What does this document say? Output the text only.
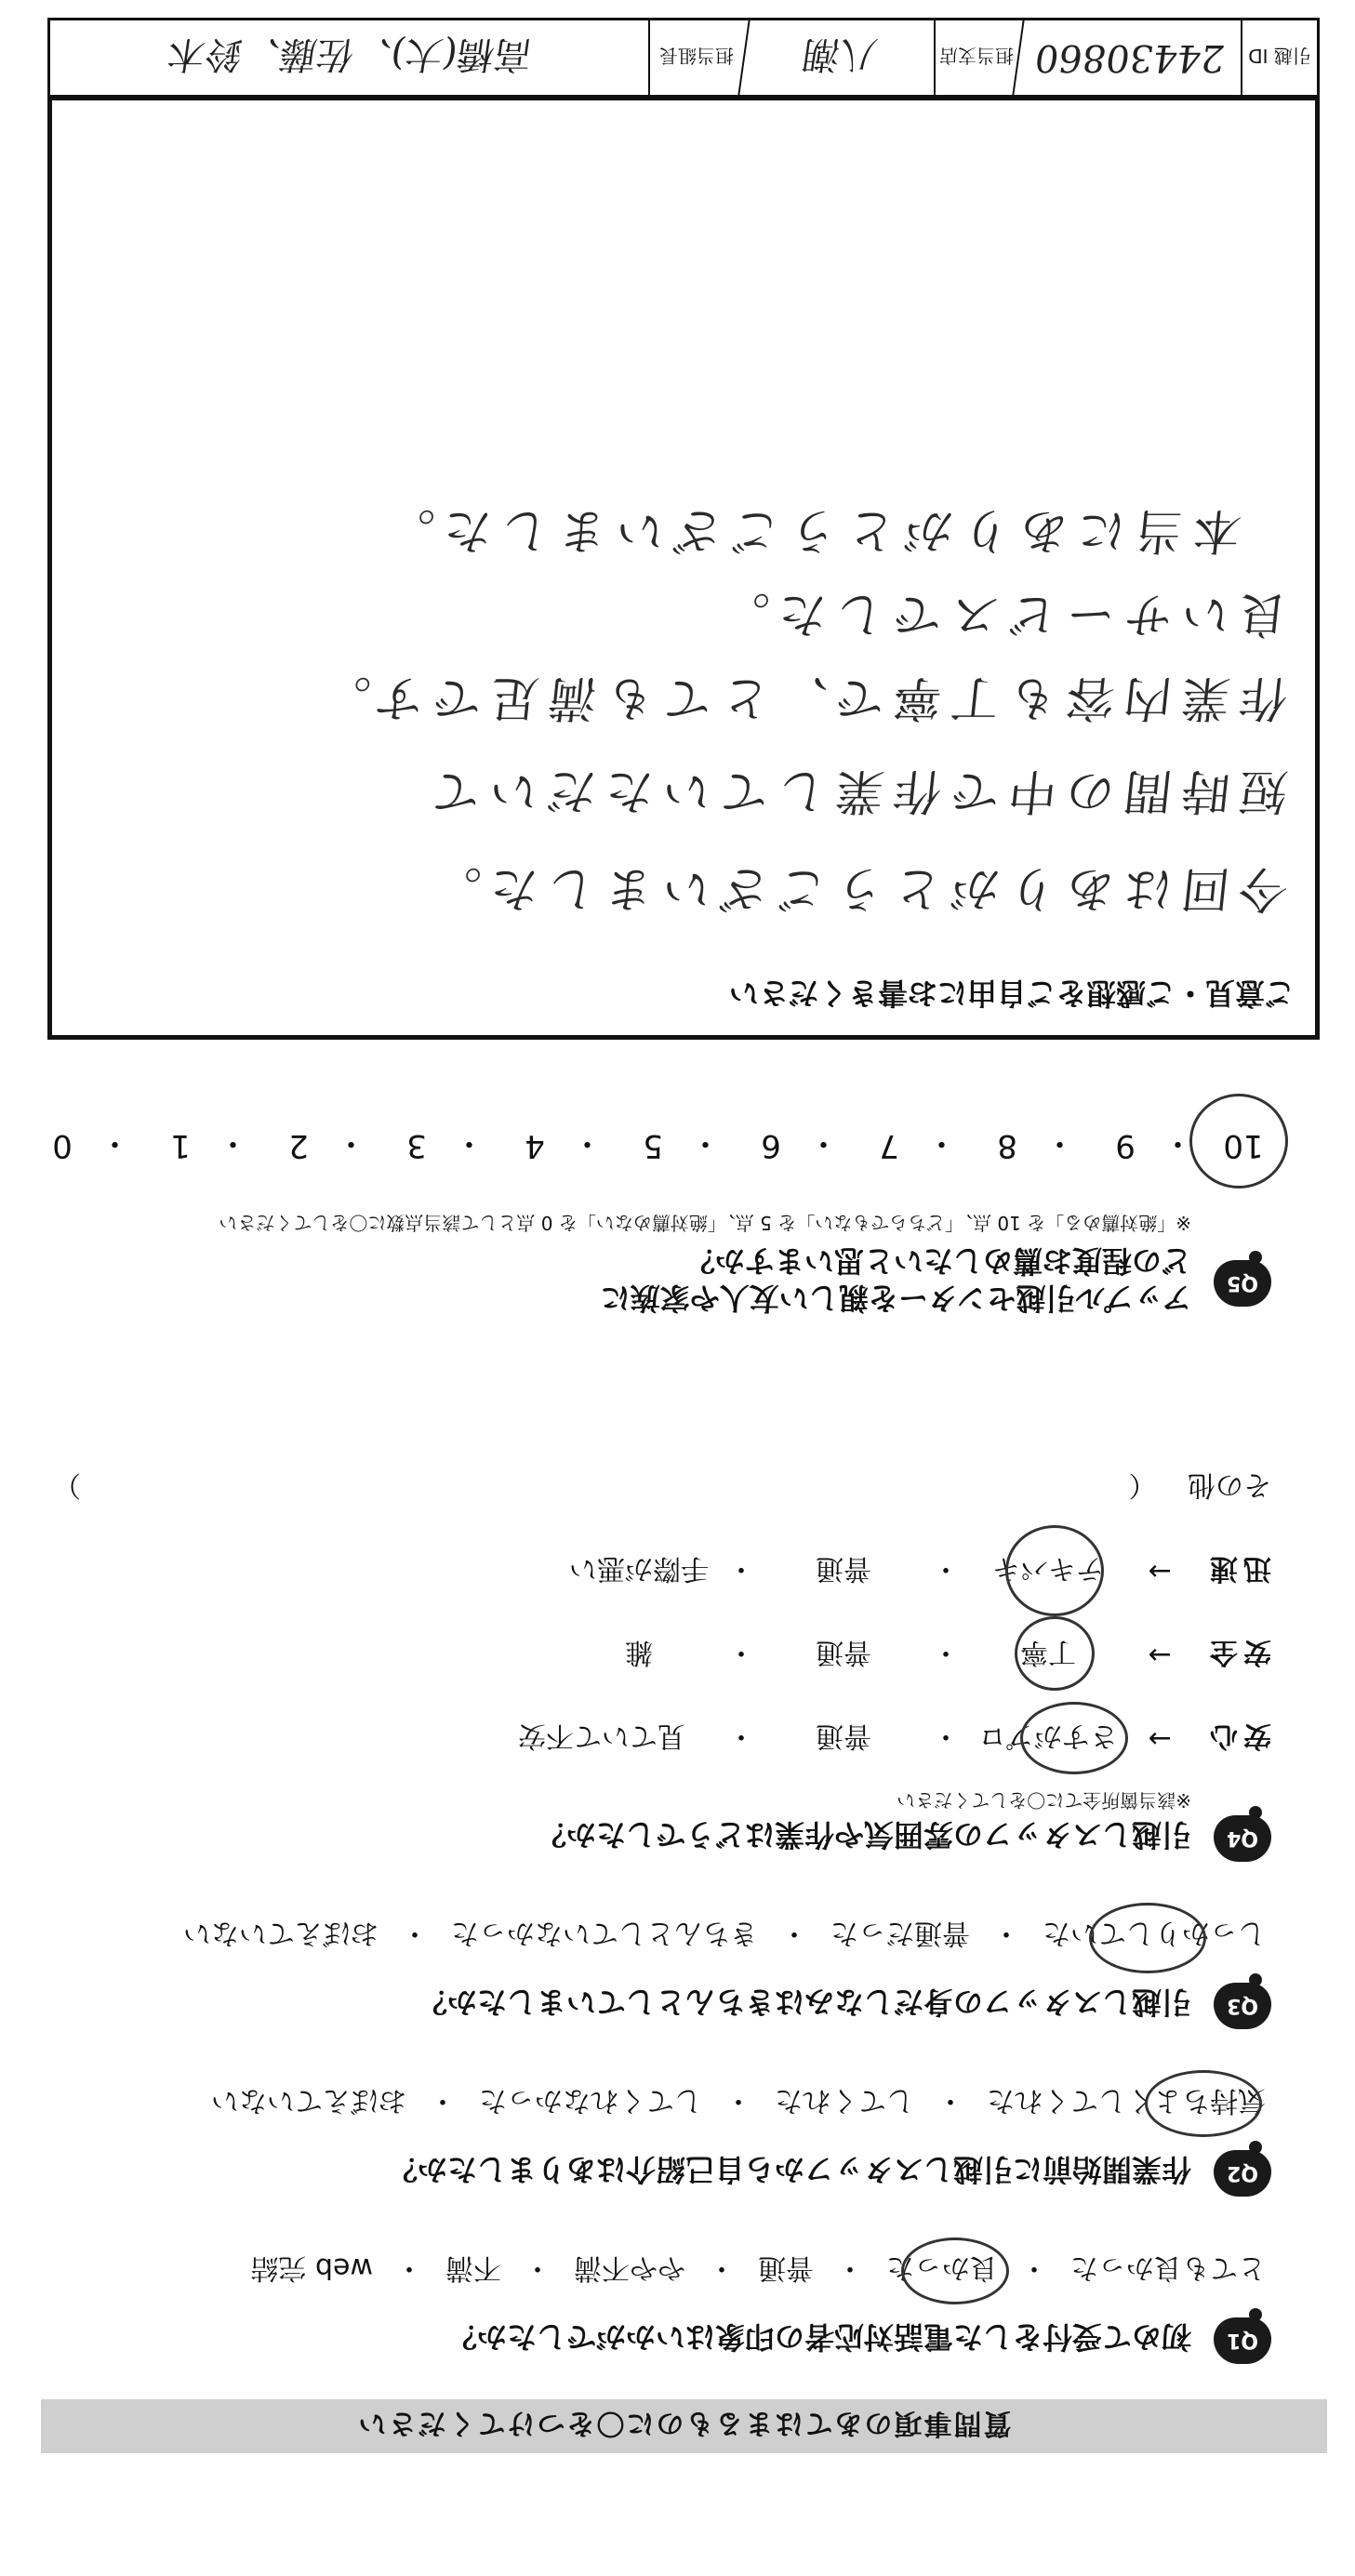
質問事項のあてはまるものに〇をつけてください
Q1
初めて受付をした電話対応者の印象はいかがでしたか？
とても良かった
・
良かった
・
普通
・
やや不満
・
不満
・
web 完結
Q2
作業開始前に引越しスタッフから自己紹介はありましたか？
気持ちよくしてくれた
・
してくれた
・
してくれなかった
・
おぼえていない
Q3
引越しスタッフの身だしなみはきちんとしていましたか？
しっかりしていた
・
普通だった
・
きちんとしていなかった
・
おぼえていない
Q4
引越しスタッフの雰囲気や作業はどうでしたか？
※該当箇所全てに〇をしてください
安心
→
さすがプロ
・
普通
・
見ていて不安
安全
→
丁寧
・
普通
・
雑
迅速
→
テキパキ
・
普通
・
手際が悪い
その他 （
）
Q5
アップル引越センターを親しい友人や家族に
どの程度お薦めしたいと思いますか？
※「絶対薦める」を 10 点、「どちらでもない」を 5 点、「絶対薦めない」を 0 点として該当点数に〇をしてください
10
・
9
・
8
・
7
・
6
・
5
・
4
・
3
・
2
・
1
・
0
ご意見・ご感想をご自由にお書きください
今回はありがとうございました。
短時間の中で作業していただいて
作業内容も丁寧で、とても満足です。
良いサービスでした。
本当にありがとうございました。
引越 ID
24430860
担当支店
八潮
担当組長
高橋(大)、佐藤、鈴木
